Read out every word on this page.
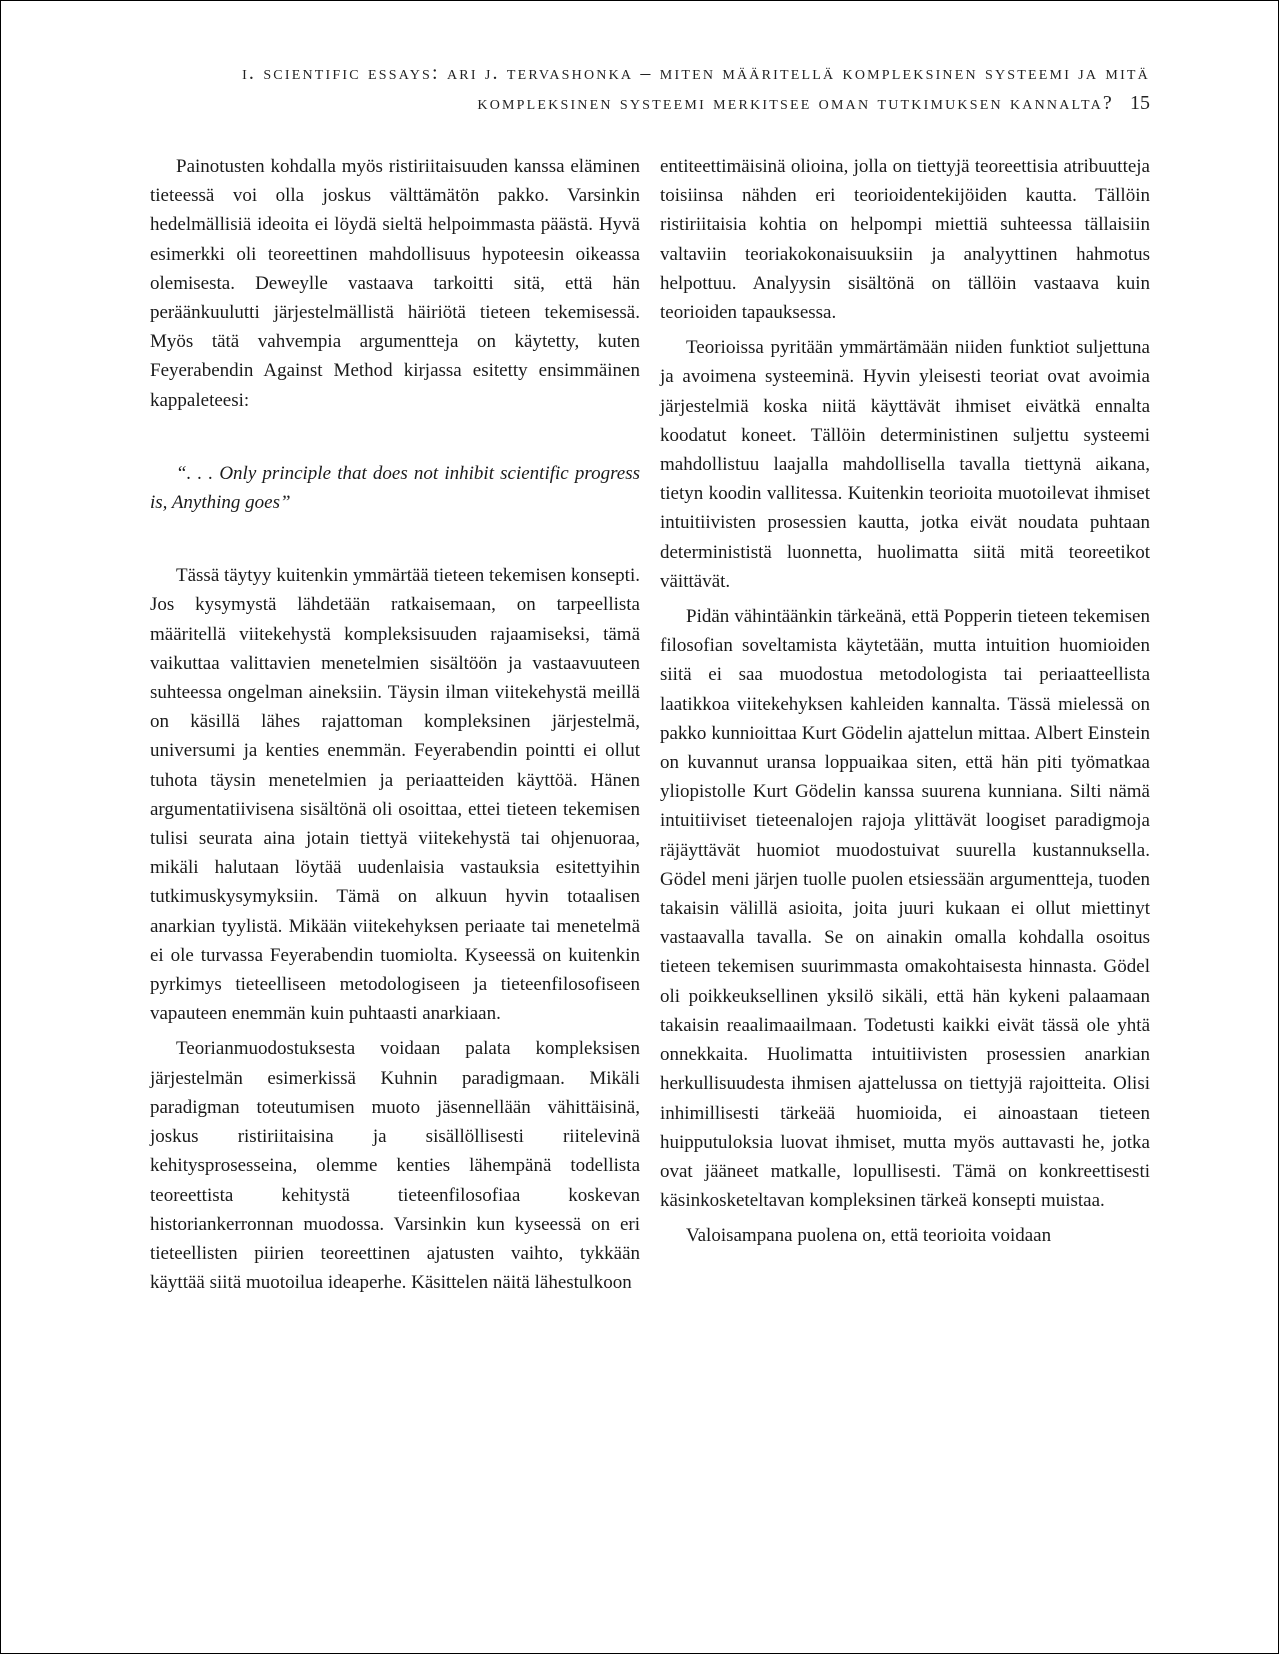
i. scientific essays: ari j. tervashonka – miten määritellä kompleksinen systeemi ja mitä
kompleksinen systeemi merkitsee oman tutkimuksen kannalta? 15

Painotusten kohdalla myös ristiriitaisuuden kanssa eläminen tieteessä voi olla joskus välttämätön pakko. Varsinkin hedelmällisiä ideoita ei löydä sieltä helpoimmasta päästä. Hyvä esimerkki oli teoreettinen mahdollisuus hypoteesin oikeassa olemisesta. Deweylle vastaava tarkoitti sitä, että hän peräänkuulutti järjestelmällistä häiriötä tieteen tekemisessä. Myös tätä vahvempia argumentteja on käytetty, kuten Feyerabendin Against Method kirjassa esitetty ensimmäinen kappaleteesi:

“. . . Only principle that does not inhibit scientific progress is, Anything goes”

Tässä täytyy kuitenkin ymmärtää tieteen tekemisen konsepti. Jos kysymystä lähdetään ratkaisemaan, on tarpeellista määritellä viitekehystä kompleksisuuden rajaamiseksi, tämä vaikuttaa valittavien menetelmien sisältöön ja vastaavuuteen suhteessa ongelman aineksiin. Täysin ilman viitekehystä meillä on käsillä lähes rajattoman kompleksinen järjestelmä, universumi ja kenties enemmän. Feyerabendin pointti ei ollut tuhota täysin menetelmien ja periaatteiden käyttöä. Hänen argumentatiivisena sisältönä oli osoittaa, ettei tieteen tekemisen tulisi seurata aina jotain tiettyä viitekehystä tai ohjenuoraa, mikäli halutaan löytää uudenlaisia vastauksia esitettyihin tutkimuskysymyksiin. Tämä on alkuun hyvin totaalisen anarkian tyylistä. Mikään viitekehyksen periaate tai menetelmä ei ole turvassa Feyerabendin tuomiolta. Kyseessä on kuitenkin pyrkimys tieteelliseen metodologiseen ja tieteenfilosofiseen vapauteen enemmän kuin puhtaasti anarkiaan.

Teorianmuodostuksesta voidaan palata kompleksisen järjestelmän esimerkissä Kuhnin paradigmaan. Mikäli paradigman toteutumisen muoto jäsennellään vähittäisinä, joskus ristiriitaisina ja sisällöllisesti riitelevinä kehitysprosesseina, olemme kenties lähempänä todellista teoreettista kehitystä tieteenfilosofiaa koskevan historiankerronnan muodossa. Varsinkin kun kyseessä on eri tieteellisten piirien teoreettinen ajatusten vaihto, tykkään käyttää siitä muotoilua ideaperhe. Käsittelen näitä lähestulkoon

entiteettimäisinä olioina, jolla on tiettyjä teoreettisia atribuutteja toisiinsa nähden eri teorioidentekijöiden kautta. Tällöin ristiriitaisia kohtia on helpompi miettiä suhteessa tällaisiin valtaviin teoriakokonaisuuksiin ja analyyttinen hahmotus helpottuu. Analyysin sisältönä on tällöin vastaava kuin teorioiden tapauksessa.

Teorioissa pyritään ymmärtämään niiden funktiot suljettuna ja avoimena systeeminä. Hyvin yleisesti teoriat ovat avoimia järjestelmiä koska niitä käyttävät ihmiset eivätkä ennalta koodatut koneet. Tällöin deterministinen suljettu systeemi mahdollistuu laajalla mahdollisella tavalla tiettynä aikana, tietyn koodin vallitessa. Kuitenkin teorioita muotoilevat ihmiset intuitiivisten prosessien kautta, jotka eivät noudata puhtaan determinististä luonnetta, huolimatta siitä mitä teoreetikot väittävät.

Pidän vähintäänkin tärkeänä, että Popperin tieteen tekemisen filosofian soveltamista käytetään, mutta intuition huomioiden siitä ei saa muodostua metodologista tai periaatteellista laatikkoa viitekehyksen kahleiden kannalta. Tässä mielessä on pakko kunnioittaa Kurt Gödelin ajattelun mittaa. Albert Einstein on kuvannut uransa loppuaikaa siten, että hän piti työmatkaa yliopistolle Kurt Gödelin kanssa suurena kunniana. Silti nämä intuitiiviset tieteenalojen rajoja ylittävät loogiset paradigmoja räjäyttävät huomiot muodostuivat suurella kustannuksella. Gödel meni järjen tuolle puolen etsiessään argumentteja, tuoden takaisin välillä asioita, joita juuri kukaan ei ollut miettinyt vastaavalla tavalla. Se on ainakin omalla kohdalla osoitus tieteen tekemisen suurimmasta omakohtaisesta hinnasta. Gödel oli poikkeuksellinen yksilö sikäli, että hän kykeni palaamaan takaisin reaalimaailmaan. Todetusti kaikki eivät tässä ole yhtä onnekkaita. Huolimatta intuitiivisten prosessien anarkian herkullisuudesta ihmisen ajattelussa on tiettyjä rajoitteita. Olisi inhimillisesti tärkeää huomioida, ei ainoastaan tieteen huipputuloksia luovat ihmiset, mutta myös auttavasti he, jotka ovat jääneet matkalle, lopullisesti. Tämä on konkreettisesti käsinkosketeltavan kompleksinen tärkeä konsepti muistaa.

Valoisampana puolena on, että teorioita voidaan
